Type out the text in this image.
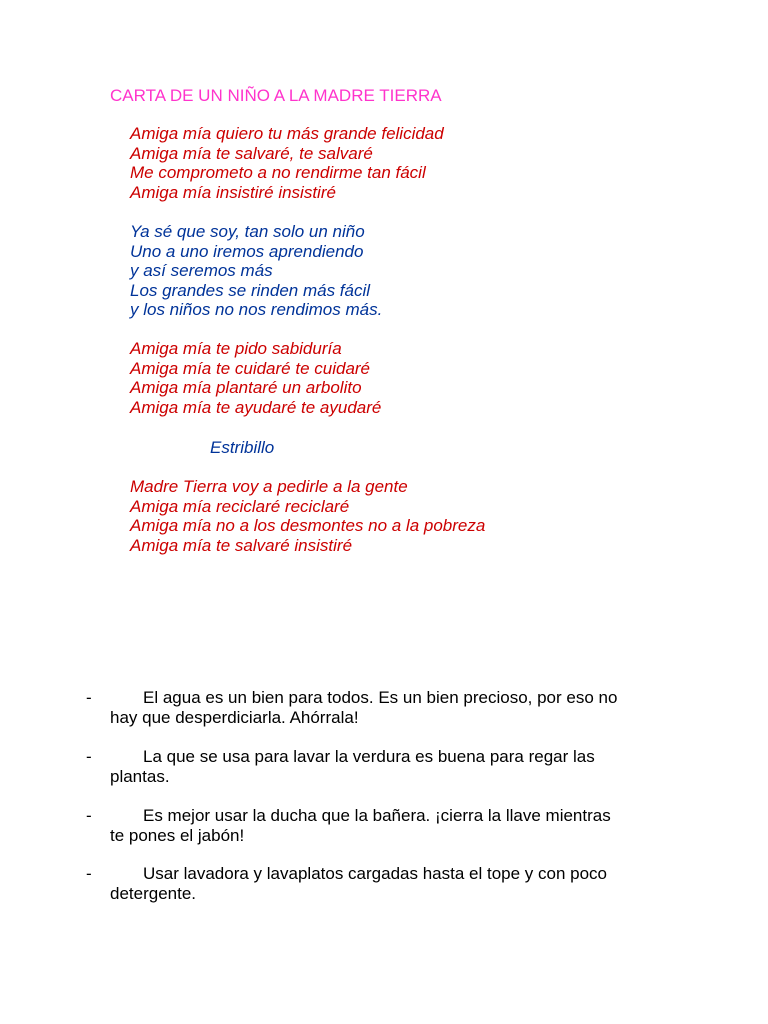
CARTA DE UN NIÑO A LA MADRE TIERRA
Amiga mía quiero tu más grande felicidad
Amiga mía te salvaré, te salvaré
Me comprometo a no rendirme tan fácil
Amiga mía insistiré insistiré
Ya sé que soy, tan solo un niño
Uno a uno iremos aprendiendo
y así seremos más
Los grandes se rinden más fácil
y los niños no nos rendimos más.
Amiga mía te pido sabiduría
Amiga mía te cuidaré te cuidaré
Amiga mía plantaré un arbolito
Amiga mía te ayudaré te ayudaré
Estribillo
Madre Tierra voy a pedirle a la gente
Amiga mía reciclaré reciclaré
Amiga mía no a los desmontes no a la pobreza
Amiga mía te salvaré insistiré
-	El agua es un bien para todos. Es un bien precioso, por eso no
hay que desperdiciarla. Ahórrala!
-	La que se usa para lavar la verdura es buena para regar las
plantas.
-	Es mejor usar la ducha que la bañera. ¡cierra la llave mientras
te pones el jabón!
-	Usar lavadora y lavaplatos cargadas hasta el tope y con poco
detergente.
